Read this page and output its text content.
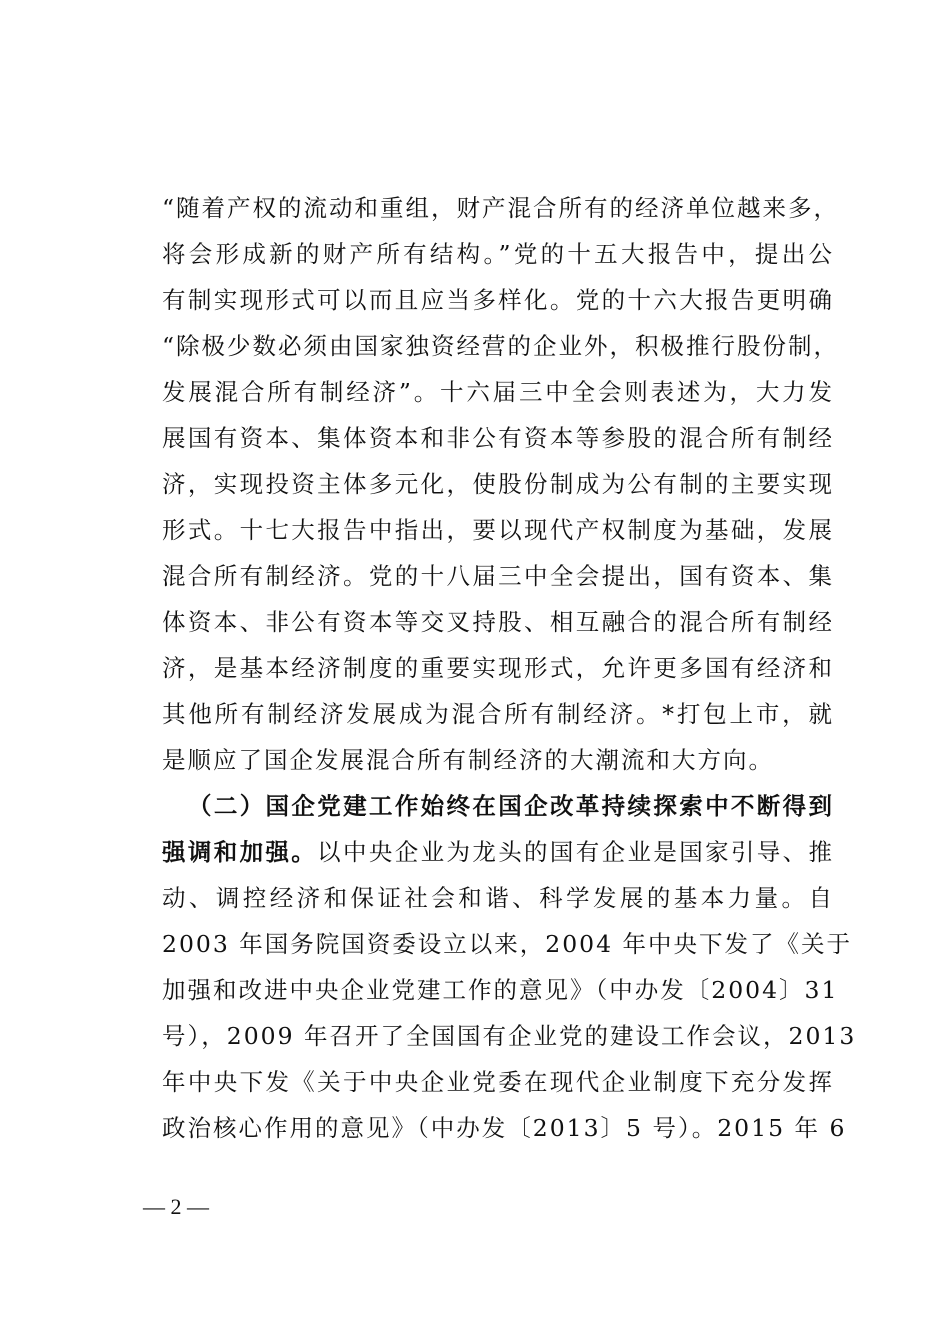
“随着产权的流动和重组，财产混合所有的经济单位越来多，
将会形成新的财产所有结构。”党的十五大报告中，提出公
有制实现形式可以而且应当多样化。党的十六大报告更明确
“除极少数必须由国家独资经营的企业外，积极推行股份制，
发展混合所有制经济”。十六届三中全会则表述为，大力发
展国有资本、集体资本和非公有资本等参股的混合所有制经
济，实现投资主体多元化，使股份制成为公有制的主要实现
形式。十七大报告中指出，要以现代产权制度为基础，发展
混合所有制经济。党的十八届三中全会提出，国有资本、集
体资本、非公有资本等交叉持股、相互融合的混合所有制经
济，是基本经济制度的重要实现形式，允许更多国有经济和
其他所有制经济发展成为混合所有制经济。*打包上市，就
是顺应了国企发展混合所有制经济的大潮流和大方向。
（二）国企党建工作始终在国企改革持续探索中不断得到
强调和加强。以中央企业为龙头的国有企业是国家引导、推
动、调控经济和保证社会和谐、科学发展的基本力量。自
2003 年国务院国资委设立以来，2004 年中央下发了《关于
加强和改进中央企业党建工作的意见》（中办发〔2004〕31
号），2009 年召开了全国国有企业党的建设工作会议，2013
年中央下发《关于中央企业党委在现代企业制度下充分发挥
政治核心作用的意见》（中办发〔2013〕5 号）。2015 年 6
— 2 —
